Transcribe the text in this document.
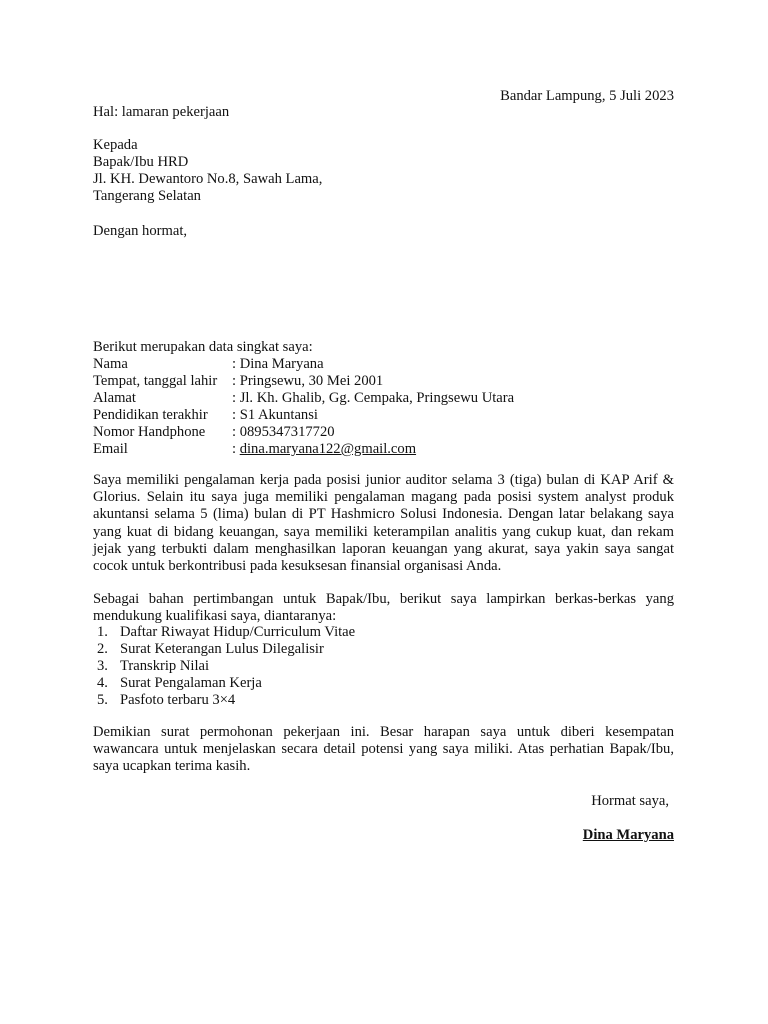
Bandar Lampung, 5 Juli 2023
Hal: lamaran pekerjaan
Kepada
Bapak/Ibu HRD
Jl. KH. Dewantoro No.8, Sawah Lama,
Tangerang Selatan
Dengan hormat,
Berikut merupakan data singkat saya:
Nama	: Dina Maryana
Tempat, tanggal lahir	: Pringsewu, 30 Mei 2001
Alamat	: Jl. Kh. Ghalib, Gg. Cempaka, Pringsewu Utara
Pendidikan terakhir	: S1 Akuntansi
Nomor Handphone	: 0895347317720
Email	: dina.maryana122@gmail.com
Saya memiliki pengalaman kerja pada posisi junior auditor selama 3 (tiga) bulan di KAP Arif & Glorius. Selain itu saya juga memiliki pengalaman magang pada posisi system analyst produk akuntansi selama 5 (lima) bulan di PT Hashmicro Solusi Indonesia. Dengan latar belakang saya yang kuat di bidang keuangan, saya memiliki keterampilan analitis yang cukup kuat, dan rekam jejak yang terbukti dalam menghasilkan laporan keuangan yang akurat, saya yakin saya sangat cocok untuk berkontribusi pada kesuksesan finansial organisasi Anda.
Sebagai bahan pertimbangan untuk Bapak/Ibu, berikut saya lampirkan berkas-berkas yang mendukung kualifikasi saya, diantaranya:
1. Daftar Riwayat Hidup/Curriculum Vitae
2. Surat Keterangan Lulus Dilegalisir
3. Transkrip Nilai
4. Surat Pengalaman Kerja
5. Pasfoto terbaru 3×4
Demikian surat permohonan pekerjaan ini. Besar harapan saya untuk diberi kesempatan wawancara untuk menjelaskan secara detail potensi yang saya miliki. Atas perhatian Bapak/Ibu, saya ucapkan terima kasih.
Hormat saya,
Dina Maryana
